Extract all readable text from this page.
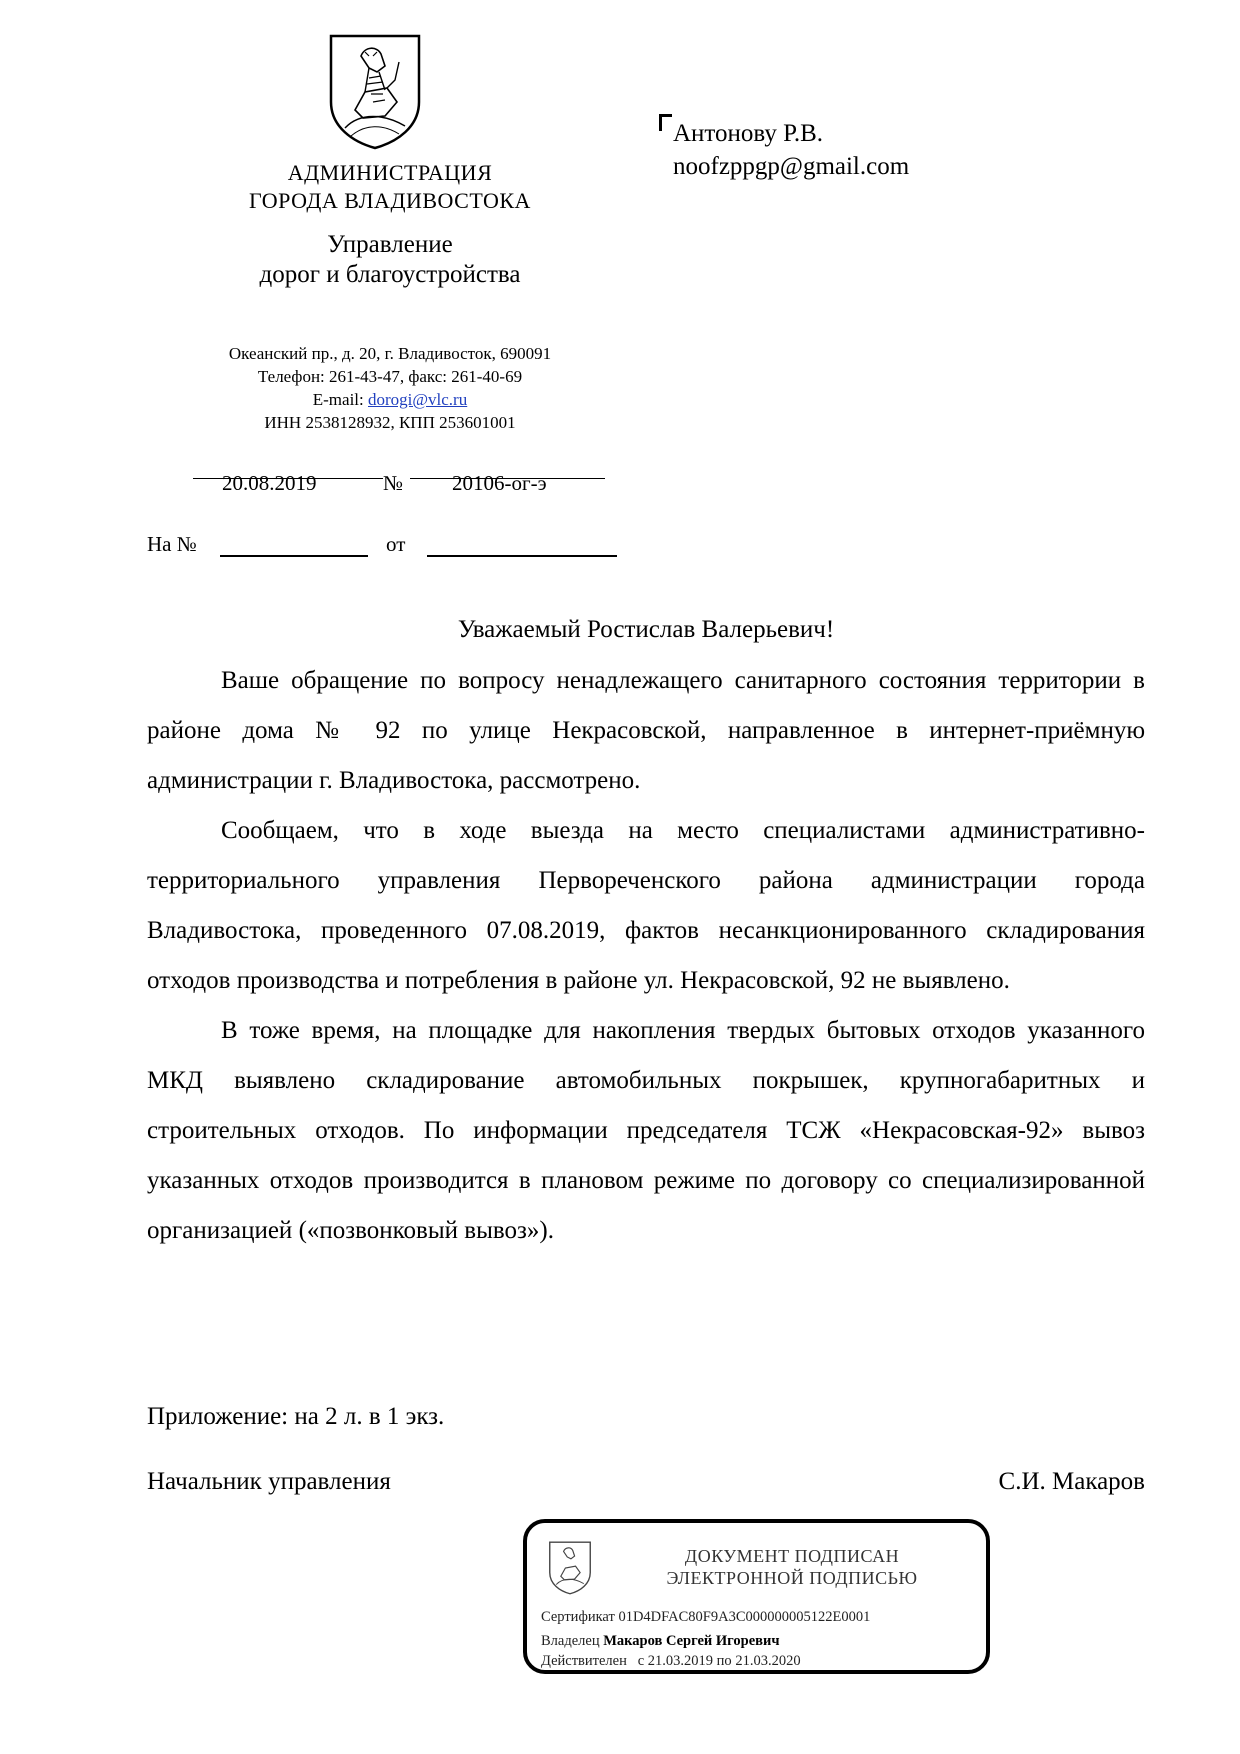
АДМИНИСТРАЦИЯ
ГОРОДА ВЛАДИВОСТОКА
Управление
дорог и благоустройства
Океанский пр., д. 20, г. Владивосток, 690091
Телефон: 261-43-47, факс: 261-40-69
E-mail: dorogi@vlc.ru
ИНН 2538128932, КПП 253601001
Антонову Р.В.
noofzppgp@gmail.com
20.08.2019	№ 20106-ог-э
На №	от
Уважаемый Ростислав Валерьевич!

Ваше обращение по вопросу ненадлежащего санитарного состояния территории в районе дома № 92 по улице Некрасовской, направленное в интернет-приёмную администрации г. Владивостока, рассмотрено.

Сообщаем, что в ходе выезда на место специалистами административно-территориального управления Первореченского района администрации города Владивостока, проведенного 07.08.2019, фактов несанкционированного складирования отходов производства и потребления в районе ул. Некрасовской, 92 не выявлено.

В тоже время, на площадке для накопления твердых бытовых отходов указанного МКД выявлено складирование автомобильных покрышек, крупногабаритных и строительных отходов. По информации председателя ТСЖ «Некрасовская-92» вывоз указанных отходов производится в плановом режиме по договору со специализированной организацией («позвонковый вывоз»).

Приложение: на 2 л. в 1 экз.
Начальник управления	С.И. Макаров
ДОКУМЕНТ ПОДПИСАН
ЭЛЕКТРОННОЙ ПОДПИСЬЮ
Сертификат 01D4DFAC80F9A3C000000005122E0001
Владелец Макаров Сергей Игоревич
Действителен с 21.03.2019 по 21.03.2020
